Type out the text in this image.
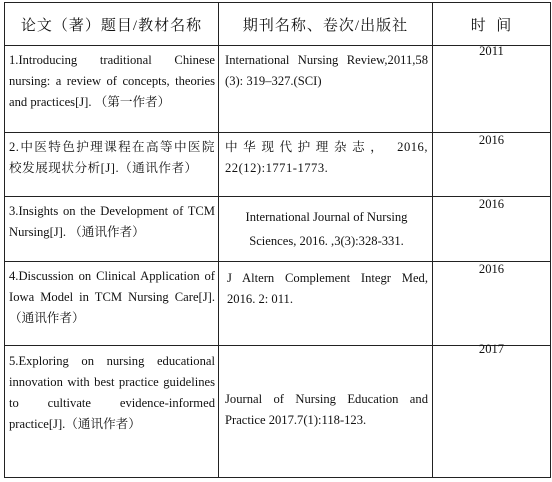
论文（著）题目/教材名称	期刊名称、卷次/出版社	时  间

1.Introducing traditional Chinese nursing: a review of concepts, theories and practices[J]. （第一作者）	International Nursing Review,2011,58 (3): 319–327.(SCI)	2011

2.中医特色护理课程在高等中医院校发展现状分析[J].（通讯作者）	中华现代护理杂志， 2016, 22(12):1771-1773.	2016

3.Insights on the Development of TCM Nursing[J]. （通讯作者）	International Journal of Nursing Sciences, 2016. ,3(3):328-331.	2016

4.Discussion on Clinical Application of Iowa Model in TCM Nursing Care[J].（通讯作者）	J Altern Complement Integr Med, 2016. 2: 011.	2016

5.Exploring on nursing educational innovation with best practice guidelines to cultivate evidence-informed practice[J].（通讯作者）	Journal of Nursing Education and Practice 2017.7(1):118-123.	2017
